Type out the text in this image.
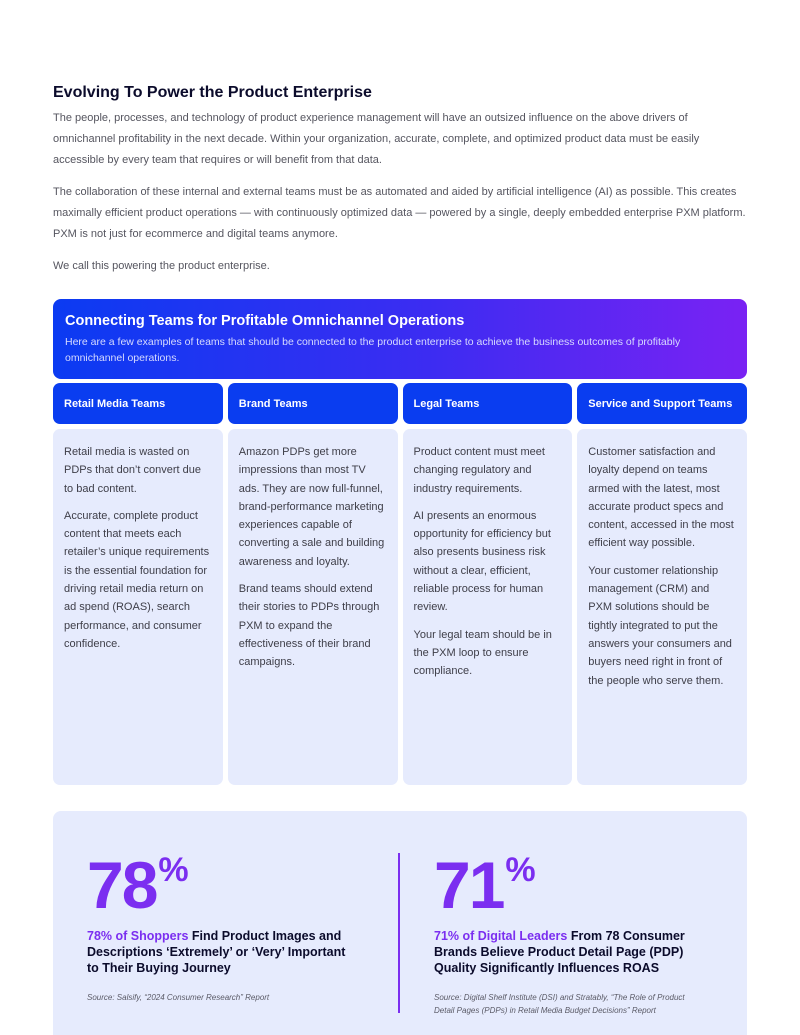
Evolving To Power the Product Enterprise

The people, processes, and technology of product experience management will have an outsized influence on the above drivers of omnichannel profitability in the next decade. Within your organization, accurate, complete, and optimized product data must be easily accessible by every team that requires or will benefit from that data.

The collaboration of these internal and external teams must be as automated and aided by artificial intelligence (AI) as possible. This creates maximally efficient product operations — with continuously optimized data — powered by a single, deeply embedded enterprise PXM platform. PXM is not just for ecommerce and digital teams anymore.

We call this powering the product enterprise.

Connecting Teams for Profitable Omnichannel Operations

Here are a few examples of teams that should be connected to the product enterprise to achieve the business outcomes of profitably omnichannel operations.

Retail Media Teams

Retail media is wasted on PDPs that don’t convert due to bad content.

Accurate, complete product content that meets each retailer’s unique requirements is the essential foundation for driving retail media return on ad spend (ROAS), search performance, and consumer confidence.

Brand Teams

Amazon PDPs get more impressions than most TV ads. They are now full-funnel, brand-performance marketing experiences capable of converting a sale and building awareness and loyalty.

Brand teams should extend their stories to PDPs through PXM to expand the effectiveness of their brand campaigns.

Legal Teams

Product content must meet changing regulatory and industry requirements.

AI presents an enormous opportunity for efficiency but also presents business risk without a clear, efficient, reliable process for human review.

Your legal team should be in the PXM loop to ensure compliance.

Service and Support Teams

Customer satisfaction and loyalty depend on teams armed with the latest, most accurate product specs and content, accessed in the most efficient way possible.

Your customer relationship management (CRM) and PXM solutions should be tightly integrated to put the answers your consumers and buyers need right in front of the people who serve them.

78 %
78% of Shoppers Find Product Images and Descriptions ‘Extremely’ or ‘Very’ Important to Their Buying Journey
Source: Salsify, “2024 Consumer Research” Report
71 %
71% of Digital Leaders From 78 Consumer Brands Believe Product Detail Page (PDP) Quality Significantly Influences ROAS
Source: Digital Shelf Institute (DSI) and Stratably, “The Role of Product Detail Pages (PDPs) in Retail Media Budget Decisions” Report
